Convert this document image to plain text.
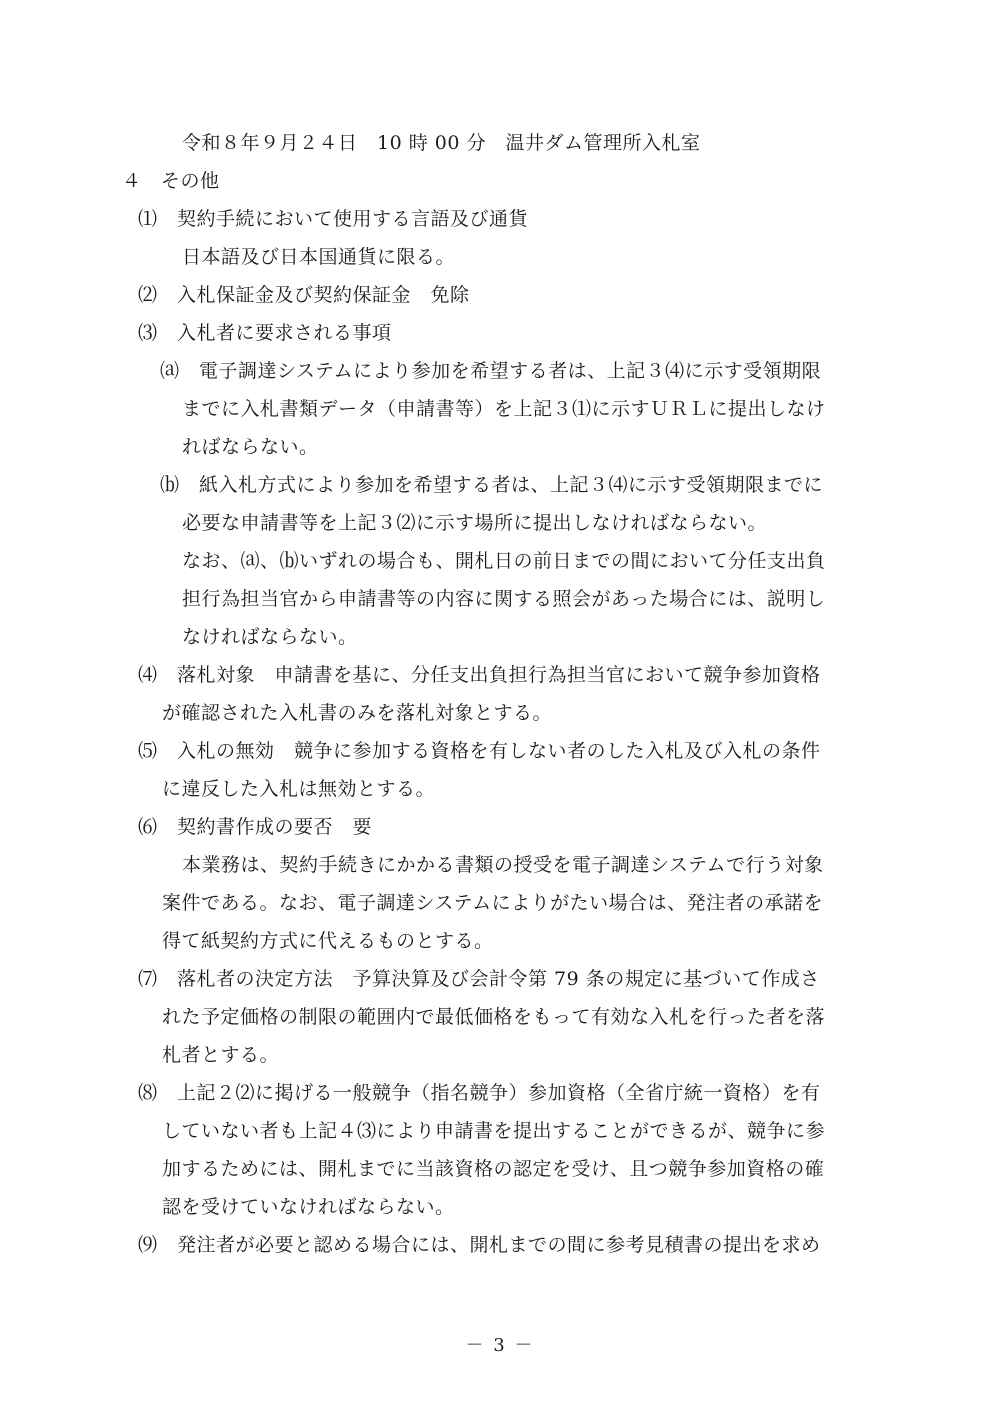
令和８年９月２４日　10 時 00 分　温井ダム管理所入札室
４　その他
⑴　契約手続において使用する言語及び通貨
日本語及び日本国通貨に限る。
⑵　入札保証金及び契約保証金　免除
⑶　入札者に要求される事項
⒜　電子調達システムにより参加を希望する者は、上記３⑷に示す受領期限
までに入札書類データ（申請書等）を上記３⑴に示すＵＲＬに提出しなけ
ればならない。
⒝　紙入札方式により参加を希望する者は、上記３⑷に示す受領期限までに
必要な申請書等を上記３⑵に示す場所に提出しなければならない。
なお、⒜、⒝いずれの場合も、開札日の前日までの間において分任支出負
担行為担当官から申請書等の内容に関する照会があった場合には、説明し
なければならない。
⑷　落札対象　申請書を基に、分任支出負担行為担当官において競争参加資格
が確認された入札書のみを落札対象とする。
⑸　入札の無効　競争に参加する資格を有しない者のした入札及び入札の条件
に違反した入札は無効とする。
⑹　契約書作成の要否　要
本業務は、契約手続きにかかる書類の授受を電子調達システムで行う対象
案件である。なお、電子調達システムによりがたい場合は、発注者の承諾を
得て紙契約方式に代えるものとする。
⑺　落札者の決定方法　予算決算及び会計令第 79 条の規定に基づいて作成さ
れた予定価格の制限の範囲内で最低価格をもって有効な入札を行った者を落
札者とする。
⑻　上記２⑵に掲げる一般競争（指名競争）参加資格（全省庁統一資格）を有
していない者も上記４⑶により申請書を提出することができるが、競争に参
加するためには、開札までに当該資格の認定を受け、且つ競争参加資格の確
認を受けていなければならない。
⑼　発注者が必要と認める場合には、開札までの間に参考見積書の提出を求め
－ 3 －
